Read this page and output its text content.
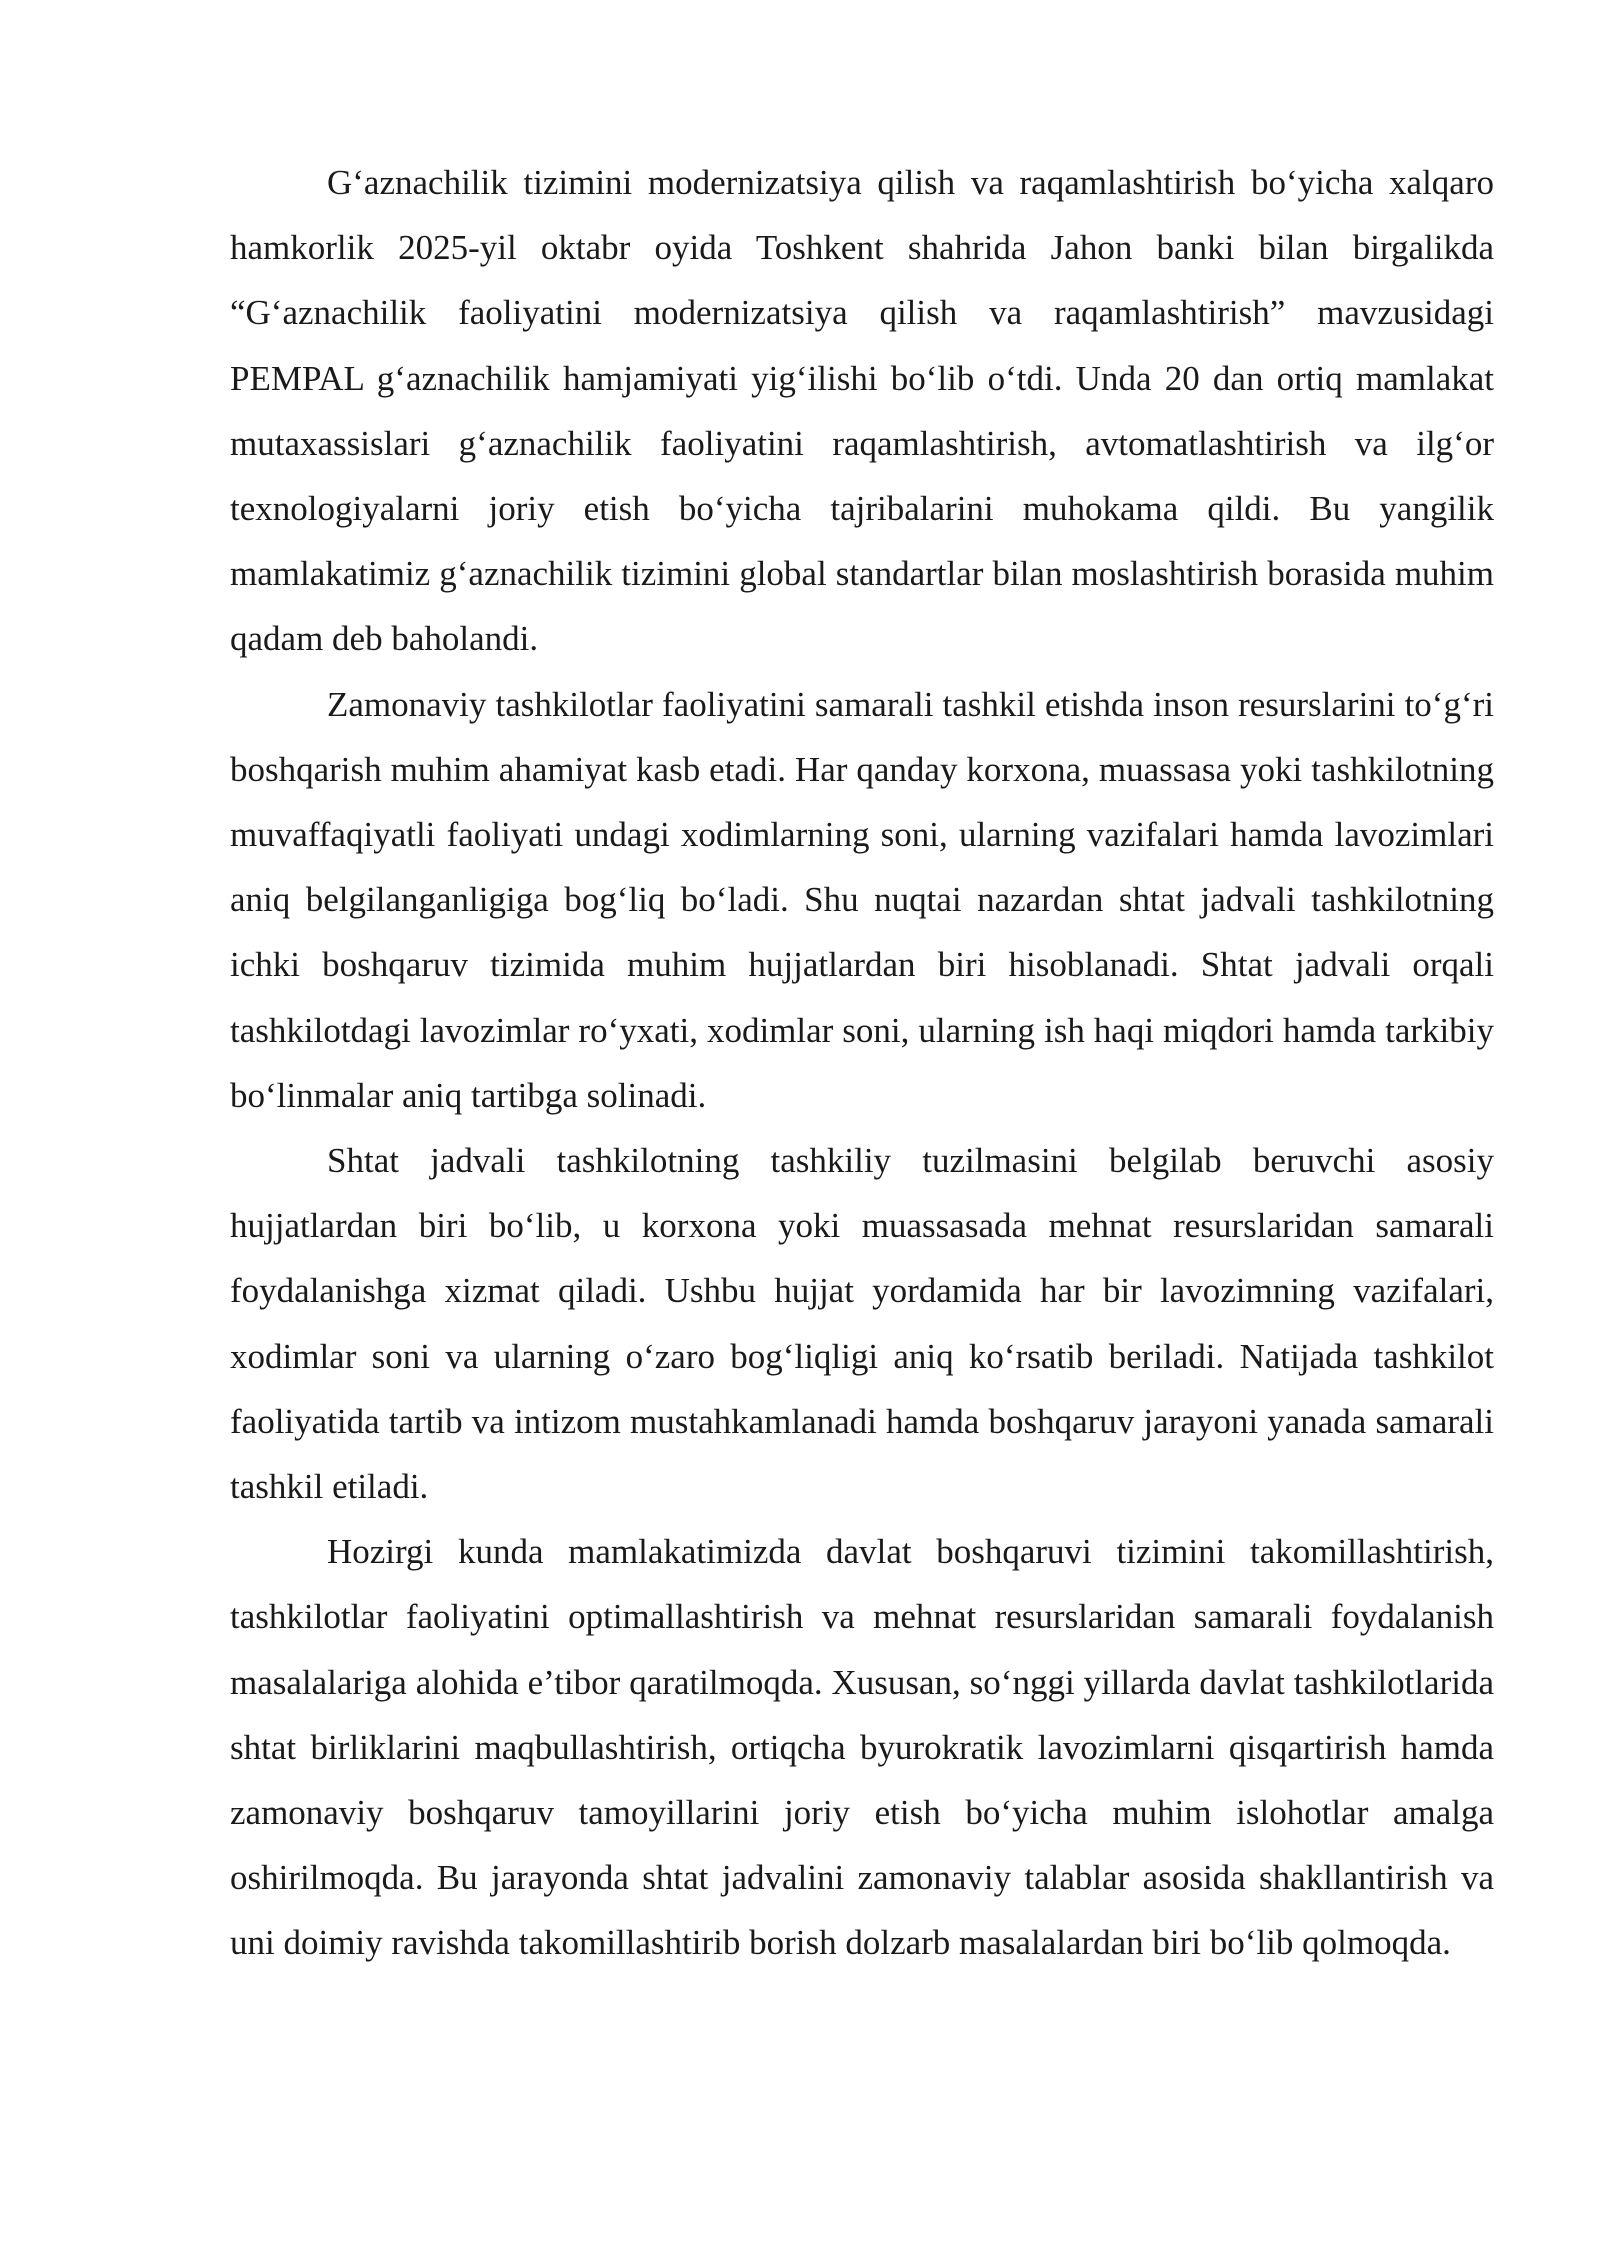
G‘aznachilik tizimini modernizatsiya qilish va raqamlashtirish bo‘yicha xalqaro hamkorlik 2025-yil oktabr oyida Toshkent shahrida Jahon banki bilan birgalikda “G‘aznachilik faoliyatini modernizatsiya qilish va raqamlashtirish” mavzusidagi PEMPAL g‘aznachilik hamjamiyati yig‘ilishi bo‘lib o‘tdi. Unda 20 dan ortiq mamlakat mutaxassislari g‘aznachilik faoliyatini raqamlashtirish, avtomatlashtirish va ilg‘or texnologiyalarni joriy etish bo‘yicha tajribalarini muhokama qildi. Bu yangilik mamlakatimiz g‘aznachilik tizimini global standartlar bilan moslashtirish borasida muhim qadam deb baholandi.

Zamonaviy tashkilotlar faoliyatini samarali tashkil etishda inson resurslarini to‘g‘ri boshqarish muhim ahamiyat kasb etadi. Har qanday korxona, muassasa yoki tashkilotning muvaffaqiyatli faoliyati undagi xodimlarning soni, ularning vazifalari hamda lavozimlari aniq belgilanganligiga bog‘liq bo‘ladi. Shu nuqtai nazardan shtat jadvali tashkilotning ichki boshqaruv tizimida muhim hujjatlardan biri hisoblanadi. Shtat jadvali orqali tashkilotdagi lavozimlar ro‘yxati, xodimlar soni, ularning ish haqi miqdori hamda tarkibiy bo‘linmalar aniq tartibga solinadi.

Shtat jadvali tashkilotning tashkiliy tuzilmasini belgilab beruvchi asosiy hujjatlardan biri bo‘lib, u korxona yoki muassasada mehnat resurslaridan samarali foydalanishga xizmat qiladi. Ushbu hujjat yordamida har bir lavozimning vazifalari, xodimlar soni va ularning o‘zaro bog‘liqligi aniq ko‘rsatib beriladi. Natijada tashkilot faoliyatida tartib va intizom mustahkamlanadi hamda boshqaruv jarayoni yanada samarali tashkil etiladi.

Hozirgi kunda mamlakatimizda davlat boshqaruvi tizimini takomillashtirish, tashkilotlar faoliyatini optimallashtirish va mehnat resurslaridan samarali foydalanish masalalariga alohida e’tibor qaratilmoqda. Xususan, so‘nggi yillarda davlat tashkilotlarida shtat birliklarini maqbullashtirish, ortiqcha byurokratik lavozimlarni qisqartirish hamda zamonaviy boshqaruv tamoyillarini joriy etish bo‘yicha muhim islohotlar amalga oshirilmoqda. Bu jarayonda shtat jadvalini zamonaviy talablar asosida shakllantirish va uni doimiy ravishda takomillashtirib borish dolzarb masalalardan biri bo‘lib qolmoqda.
